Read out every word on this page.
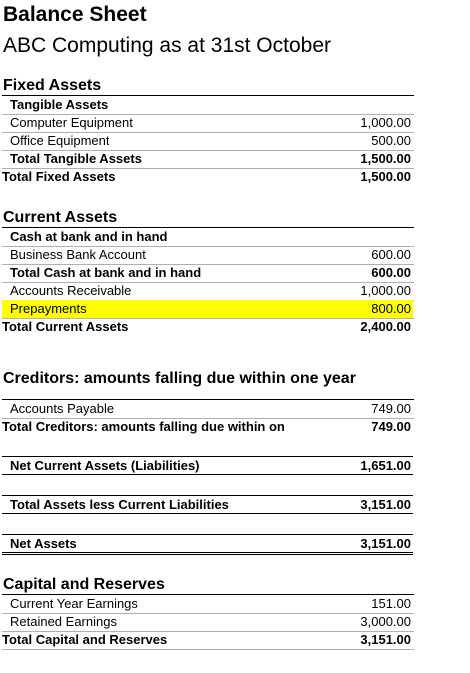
Balance Sheet
ABC Computing as at 31st October
Fixed Assets
Tangible Assets
Computer Equipment	1,000.00
Office Equipment	500.00
Total Tangible Assets	1,500.00
Total Fixed Assets	1,500.00
Current Assets
Cash at bank and in hand
Business Bank Account	600.00
Total Cash at bank and in hand	600.00
Accounts Receivable	1,000.00
Prepayments	800.00
Total Current Assets	2,400.00
Creditors: amounts falling due within one year
Accounts Payable	749.00
Total Creditors: amounts falling due within on	749.00
Net Current Assets (Liabilities)	1,651.00
Total Assets less Current Liabilities	3,151.00
Net Assets	3,151.00
Capital and Reserves
Current Year Earnings	151.00
Retained Earnings	3,000.00
Total Capital and Reserves	3,151.00
